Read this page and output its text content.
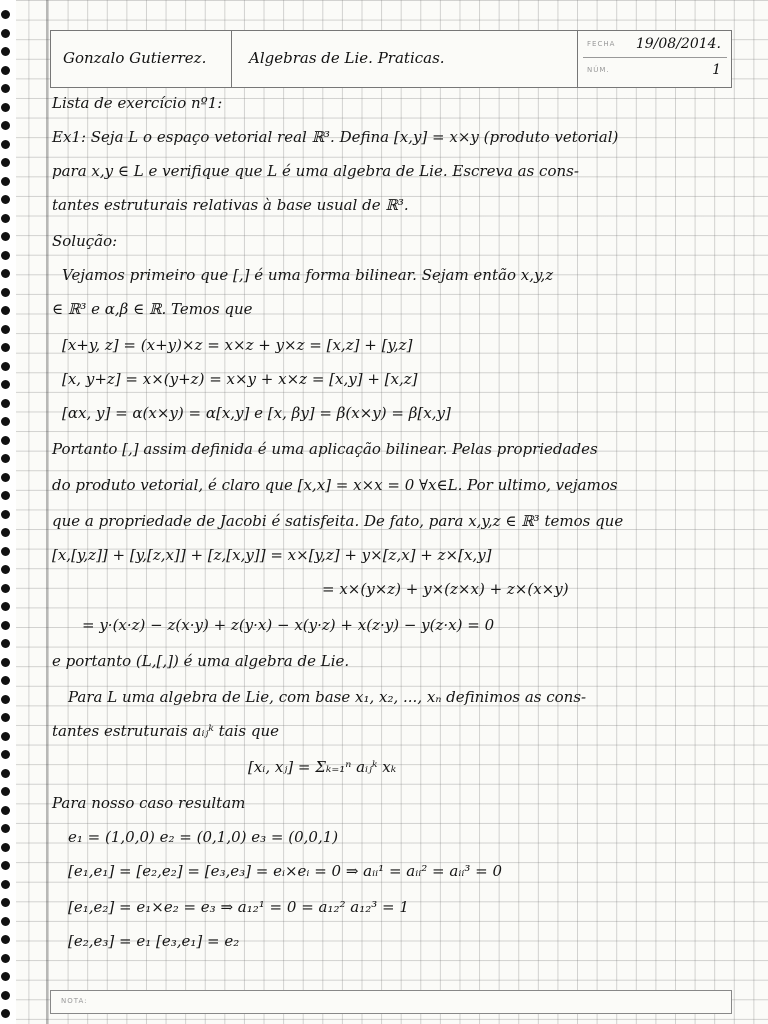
Gonzalo Gutierrez.	Algebras de Lie. Praticas.
FECHA 19/08/2014.
NÚM.	1
Lista de exercício nº1:
Ex1: Seja L o espaço vetorial real ℝ³. Defina [x,y] = x×y (produto vetorial)
para x,y ∈ L e verifique que L é uma algebra de Lie. Escreva as cons-
tantes estruturais relativas à base usual de ℝ³.
Solução:
Vejamos primeiro que [,] é uma forma bilinear. Sejam então x,y,z
∈ ℝ³ e α,β ∈ ℝ. Temos que
[x+y, z] = (x+y)×z = x×z + y×z = [x,z] + [y,z]
[x, y+z] = x×(y+z) = x×y + x×z = [x,y] + [x,z]
[αx, y] = α(x×y) = α[x,y] e [x, βy] = β(x×y) = β[x,y]
Portanto [,] assim definida é uma aplicação bilinear. Pelas propriedades
do produto vetorial, é claro que [x,x] = x×x = 0 ∀x∈L. Por ultimo, vejamos
que a propriedade de Jacobi é satisfeita. De fato, para x,y,z ∈ ℝ³ temos que
[x,[y,z]] + [y,[z,x]] + [z,[x,y]] = x×[y,z] + y×[z,x] + z×[x,y]
= x×(y×z) + y×(z×x) + z×(x×y)
= y·(x·z) − z(x·y) + z(y·x) − x(y·z) + x(z·y) − y(z·x) = 0
e portanto (L,[,]) é uma algebra de Lie.
Para L uma algebra de Lie, com base x₁, x₂, ..., xₙ definimos as cons-
tantes estruturais aᵢⱼᵏ tais que
[xᵢ, xⱼ] = Σₖ₌₁ⁿ aᵢⱼᵏ xₖ
Para nosso caso resultam
e₁ = (1,0,0) e₂ = (0,1,0) e₃ = (0,0,1)
[e₁,e₁] = [e₂,e₂] = [e₃,e₃] = eᵢ×eᵢ = 0 ⇒ aᵢᵢ¹ = aᵢᵢ² = aᵢᵢ³ = 0
[e₁,e₂] = e₁×e₂ = e₃ ⇒ a₁₂¹ = 0 = a₁₂² a₁₂³ = 1
[e₂,e₃] = e₁ [e₃,e₁] = e₂
NOTA:
